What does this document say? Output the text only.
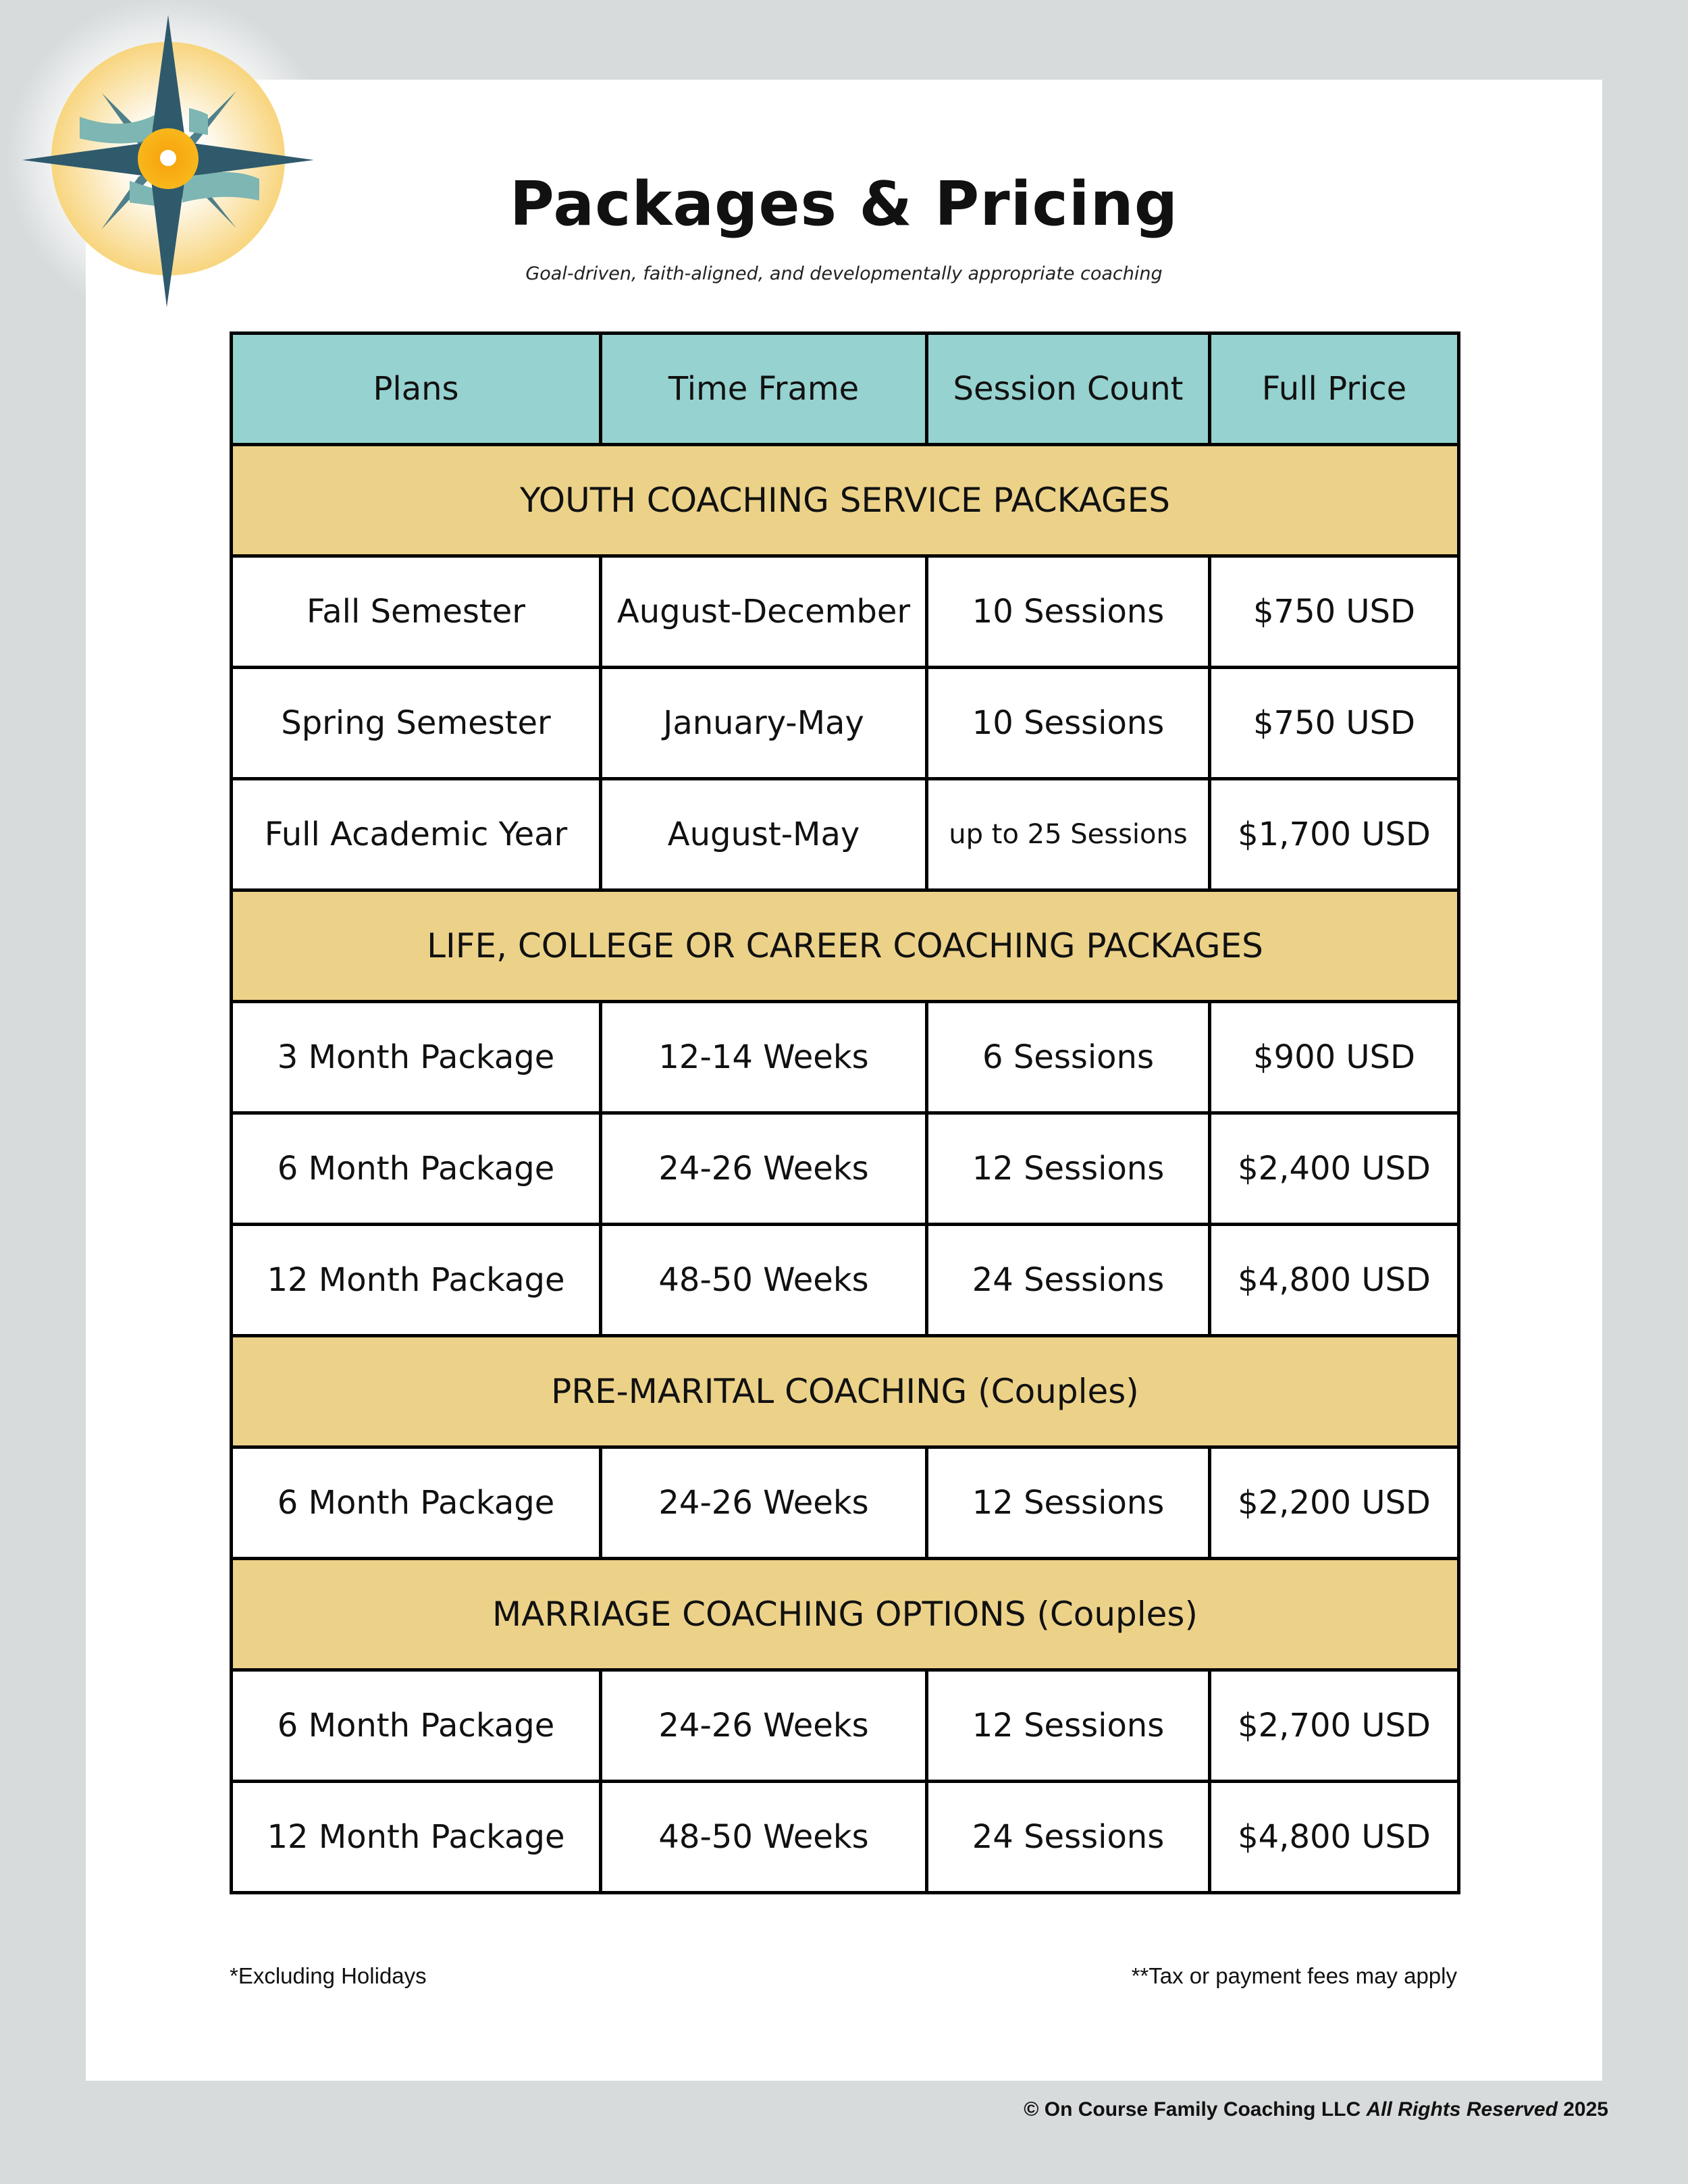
Packages & Pricing
Goal-driven, faith-aligned, and developmentally appropriate coaching
Plans	Time Frame	Session Count	Full Price
YOUTH COACHING SERVICE PACKAGES			
Fall Semester	August-December	10 Sessions	$750 USD
Spring Semester	January-May	10 Sessions	$750 USD
Full Academic Year	August-May	up to 25 Sessions	$1,700 USD
LIFE, COLLEGE OR CAREER COACHING PACKAGES			
3 Month Package	12-14 Weeks	6 Sessions	$900 USD
6 Month Package	24-26 Weeks	12 Sessions	$2,400 USD
12 Month Package	48-50 Weeks	24 Sessions	$4,800 USD
PRE-MARITAL COACHING (Couples)			
6 Month Package	24-26 Weeks	12 Sessions	$2,200 USD
MARRIAGE COACHING OPTIONS (Couples)			
6 Month Package	24-26 Weeks	12 Sessions	$2,700 USD
12 Month Package	48-50 Weeks	24 Sessions	$4,800 USD
*Excluding Holidays	**Tax or payment fees may apply
© On Course Family Coaching LLC All Rights Reserved 2025
